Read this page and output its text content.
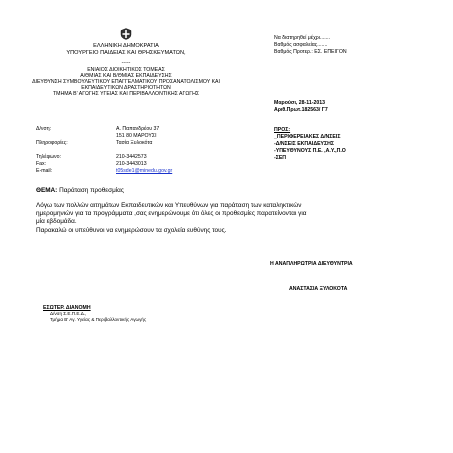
ΕΛΛΗΝΙΚΗ ΔΗΜΟΚΡΑΤΙΑ
ΥΠΟΥΡΓΕΙΟ ΠΑΙΔΕΙΑΣ ΚΑΙ ΘΡΗΣΚΕΥΜΑΤΩΝ,
-----
ΕΝΙΑΙΟΣ ΔΙΟΙΚΗΤΙΚΟΣ ΤΟΜΕΑΣ
Α/ΘΜΙΑΣ ΚΑΙ Β/ΘΜΙΑΣ ΕΚΠΑΙΔΕΥΣΗΣ
ΔΙΕΥΘΥΝΣΗ ΣΥΜΒΟΥΛΕΥΤΙΚΟΥ ΕΠΑΓΓΕΛΜΑΤΙΚΟΥ ΠΡΟΣΑΝΑΤΟΛΙΣΜΟΥ ΚΑΙ
ΕΚΠΑΙΔΕΥΤΙΚΩΝ ΔΡΑΣΤΗΡΙΟΤΗΤΩΝ
ΤΜΗΜΑ Β' ΑΓΩΓΗΣ ΥΓΕΙΑΣ ΚΑΙ ΠΕΡΙΒΑΛΛΟΝΤΙΚΗΣ ΑΓΩΓΗΣ
Να διατηρηθεί μέχρι.......
Βαθμός ασφαλείας.......
Βαθμός Προτερ.: ΕΣ. ΕΠΕΙΓΟΝ
Μαρούσι, 28-11-2013
Αριθ.Πρωτ.182563/ Γ7
Δ/νση:	Α. Παπανδρέου 37
151 80 ΜΑΡΟΥΣΙ
Πληροφορίες:	Τασία Ξυλοκότα
Τηλέφωνο:	210-3442573
Fax:	210-3443013
E-mail:	t05sde1@minedu.gov.gr
ΠΡΟΣ:
_ΠΕΡΙΦΕΡΕΙΑΚΕΣ Δ/ΝΣΕΙΣ
-Δ/ΝΣΕΙΣ ΕΚΠΑΙΔΕΥΣΗΣ
-ΥΠΕΥΘΥΝΟΥΣ Π.Ε. ,Α.Υ.,Π.Ο
-ΣΕΠ
ΘΕΜΑ: Παράταση προθεσμίας
Λόγω των πολλών αιτημάτων Εκπαιδευτικών και Υπευθύνων για παράταση των καταληκτικών
ημερομηνιών για τα προγράμματα ,σας ενημερώνουμε ότι όλες οι προθεσμίες παρατείνονται για
μία εβδομάδα.
Παρακαλώ οι υπεύθυνοι να ενημερώσουν τα σχολεία ευθύνης τους.
Η ΑΝΑΠΛΗΡΩΤΡΙΑ ΔΙΕΥΘΥΝΤΡΙΑ
ΑΝΑΣΤΑΣΙΑ ΞΥΛΟΚΟΤΑ
ΕΣΩΤΕΡ. ΔΙΑΝΟΜΗ
Δ/νση Σ.Ε.Π.Ε.Δ.,
Τμήμα Β' Αγ. Υγείας & Περιβαλλοντικής Αγωγής
